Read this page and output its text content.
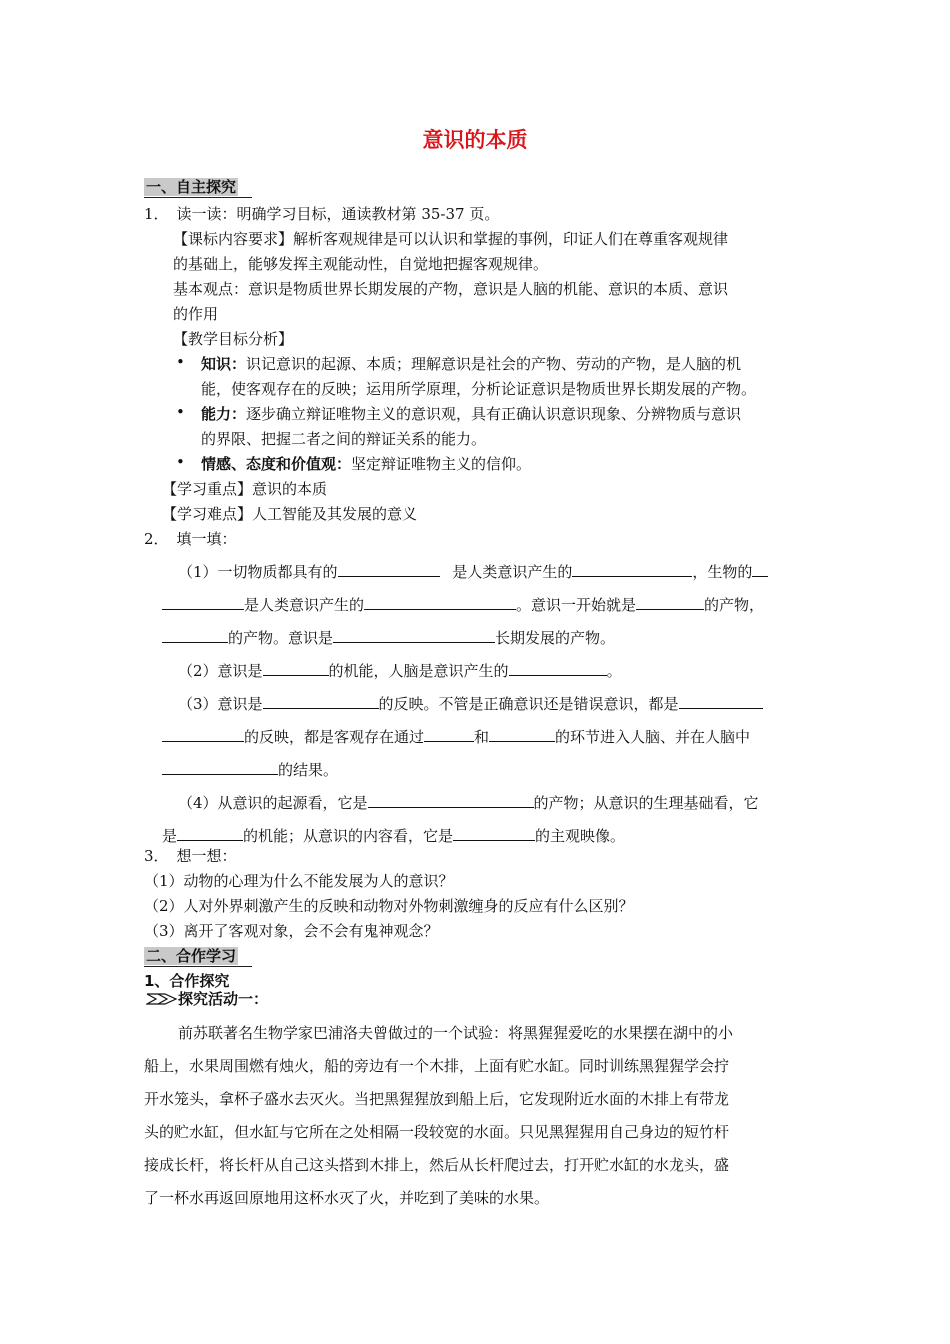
意识的本质
一、自主探究
1． 读一读：明确学习目标，通读教材第 35-37 页。
【课标内容要求】解析客观规律是可以认识和掌握的事例，印证人们在尊重客观规律
的基础上，能够发挥主观能动性，自觉地把握客观规律。
基本观点：意识是物质世界长期发展的产物，意识是人脑的机能、意识的本质、意识
的作用
【教学目标分析】
• 知识：识记意识的起源、本质；理解意识是社会的产物、劳动的产物，是人脑的机
能，使客观存在的反映；运用所学原理，分析论证意识是物质世界长期发展的产物。
• 能力：逐步确立辩证唯物主义的意识观，具有正确认识意识现象、分辨物质与意识
的界限、把握二者之间的辩证关系的能力。
• 情感、态度和价值观：坚定辩证唯物主义的信仰。
【学习重点】意识的本质
【学习难点】人工智能及其发展的意义
2． 填一填：
（1）一切物质都具有的	是人类意识产生的	，生物的
是人类意识产生的	。意识一开始就是	的产物，
的产物。意识是	长期发展的产物。
（2）意识是	的机能，人脑是意识产生的	。
（3）意识是	的反映。不管是正确意识还是错误意识，都是
的反映，都是客观存在通过	和	的环节进入人脑、并在人脑中
的结果。
（4）从意识的起源看，它是	的产物；从意识的生理基础看，它
是	的机能；从意识的内容看，它是	的主观映像。
3． 想一想：
（1）动物的心理为什么不能发展为人的意识？
（2）人对外界刺激产生的反映和动物对外物刺激缠身的反应有什么区别？
（3）离开了客观对象，会不会有鬼神观念？
二、合作学习
1、合作探究
探究活动一：
前苏联著名生物学家巴浦洛夫曾做过的一个试验：将黑猩猩爱吃的水果摆在湖中的小
船上，水果周围燃有烛火，船的旁边有一个木排，上面有贮水缸。同时训练黑猩猩学会拧
开水笼头，拿杯子盛水去灭火。当把黑猩猩放到船上后，它发现附近水面的木排上有带龙
头的贮水缸，但水缸与它所在之处相隔一段较宽的水面。只见黑猩猩用自己身边的短竹杆
接成长杆，将长杆从自己这头搭到木排上，然后从长杆爬过去，打开贮水缸的水龙头，盛
了一杯水再返回原地用这杯水灭了火，并吃到了美味的水果。
